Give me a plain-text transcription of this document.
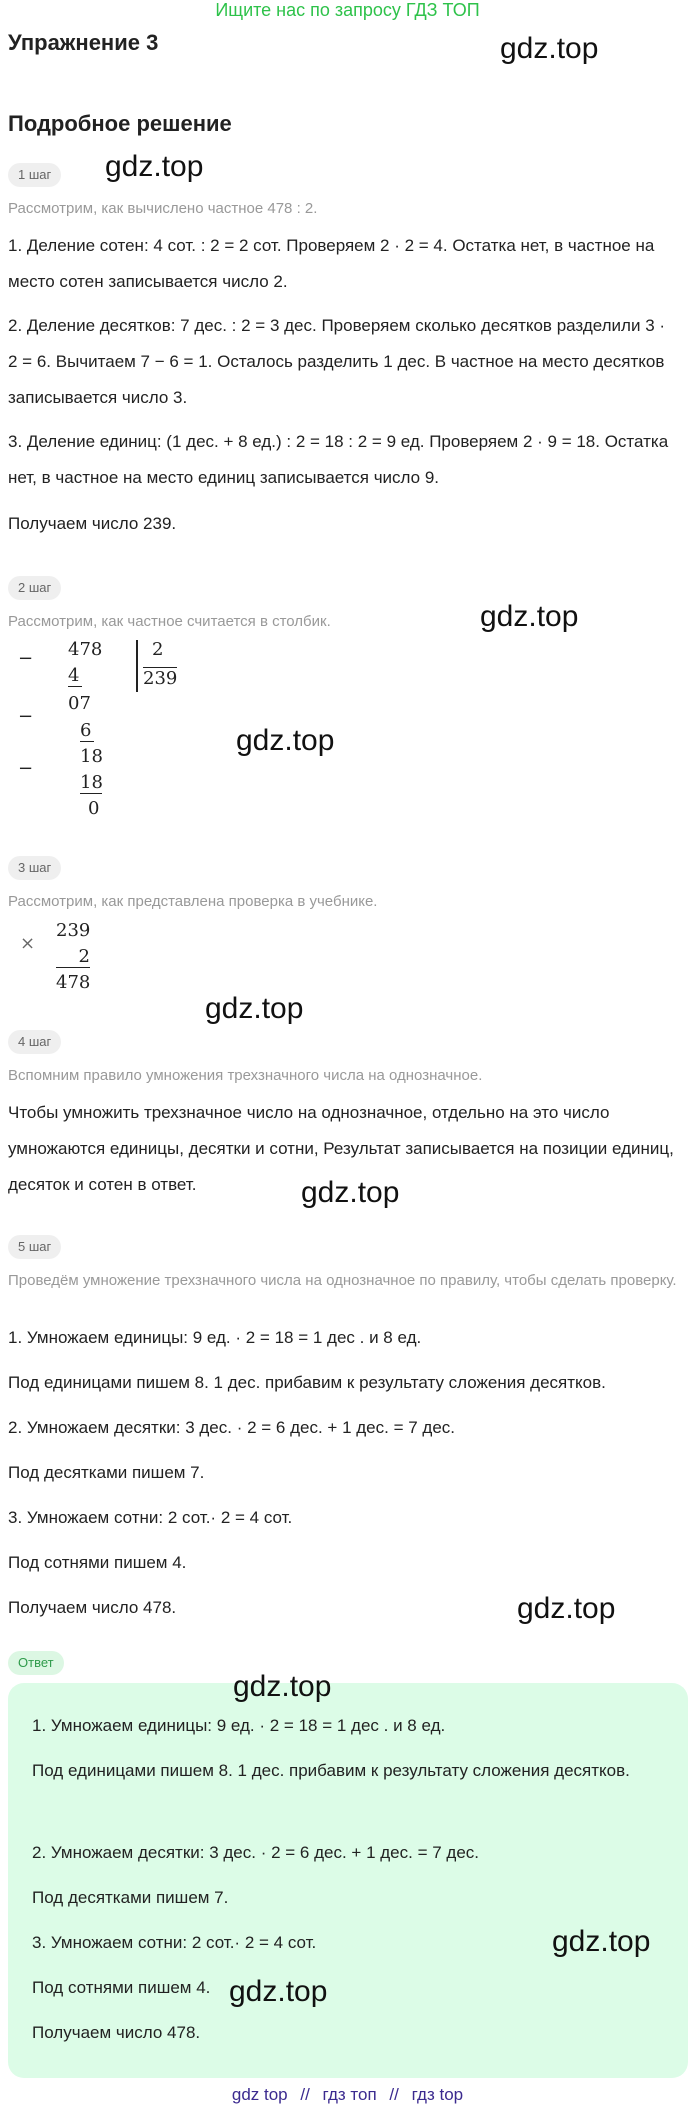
Ищите нас по запросу ГДЗ ТОП
Упражнение 3
Подробное решение
gdz.top
gdz.top
gdz.top
gdz.top
gdz.top
gdz.top
gdz.top
1 шаг
Рассмотрим, как вычислено частное 478 : 2.
1. Деление сотен: 4 сот. : 2 = 2 сот. Проверяем 2 · 2 = 4. Остатка нет, в частное на место сотен записывается число 2.
2. Деление десятков: 7 дес. : 2 = 3 дес. Проверяем сколько десятков разделили 3 · 2 = 6. Вычитаем 7 − 6 = 1. Осталось разделить 1 дес. В частное на место десятков записывается число 3.
3. Деление единиц: (1 дес. + 8 ед.) : 2 = 18 : 2 = 9 ед. Проверяем 2 · 9 = 18. Остатка нет, в частное на место единиц записывается число 9.
Получаем число 239.
2 шаг
Рассмотрим, как частное считается в столбик.
− 478
4
2
239
07
−
6
18
−
18
0
3 шаг
Рассмотрим, как представлена проверка в учебнике.
239
×
2
478
4 шаг
Вспомним правило умножения трехзначного числа на однозначное.
Чтобы умножить трехзначное число на однозначное, отдельно на это число умножаются единицы, десятки и сотни, Результат записывается на позиции единиц, десяток и сотен в ответ.
5 шаг
Проведём умножение трехзначного числа на однозначное по правилу, чтобы сделать проверку.
1. Умножаем единицы: 9 ед. · 2 = 18 = 1 дес . и 8 ед.
Под единицами пишем 8. 1 дес. прибавим к результату сложения десятков.
2. Умножаем десятки: 3 дес. · 2 = 6 дес. + 1 дес. = 7 дес.
Под десятками пишем 7.
3. Умножаем сотни: 2 сот.· 2 = 4 сот.
Под сотнями пишем 4.
Получаем число 478.
Ответ
gdz.top
gdz.top
gdz.top
1. Умножаем единицы: 9 ед. · 2 = 18 = 1 дес . и 8 ед.
Под единицами пишем 8. 1 дес. прибавим к результату сложения десятков.
2. Умножаем десятки: 3 дес. · 2 = 6 дес. + 1 дес. = 7 дес.
Под десятками пишем 7.
3. Умножаем сотни: 2 сот.· 2 = 4 сот.
Под сотнями пишем 4.
Получаем число 478.
gdz top // гдз топ // гдз top
